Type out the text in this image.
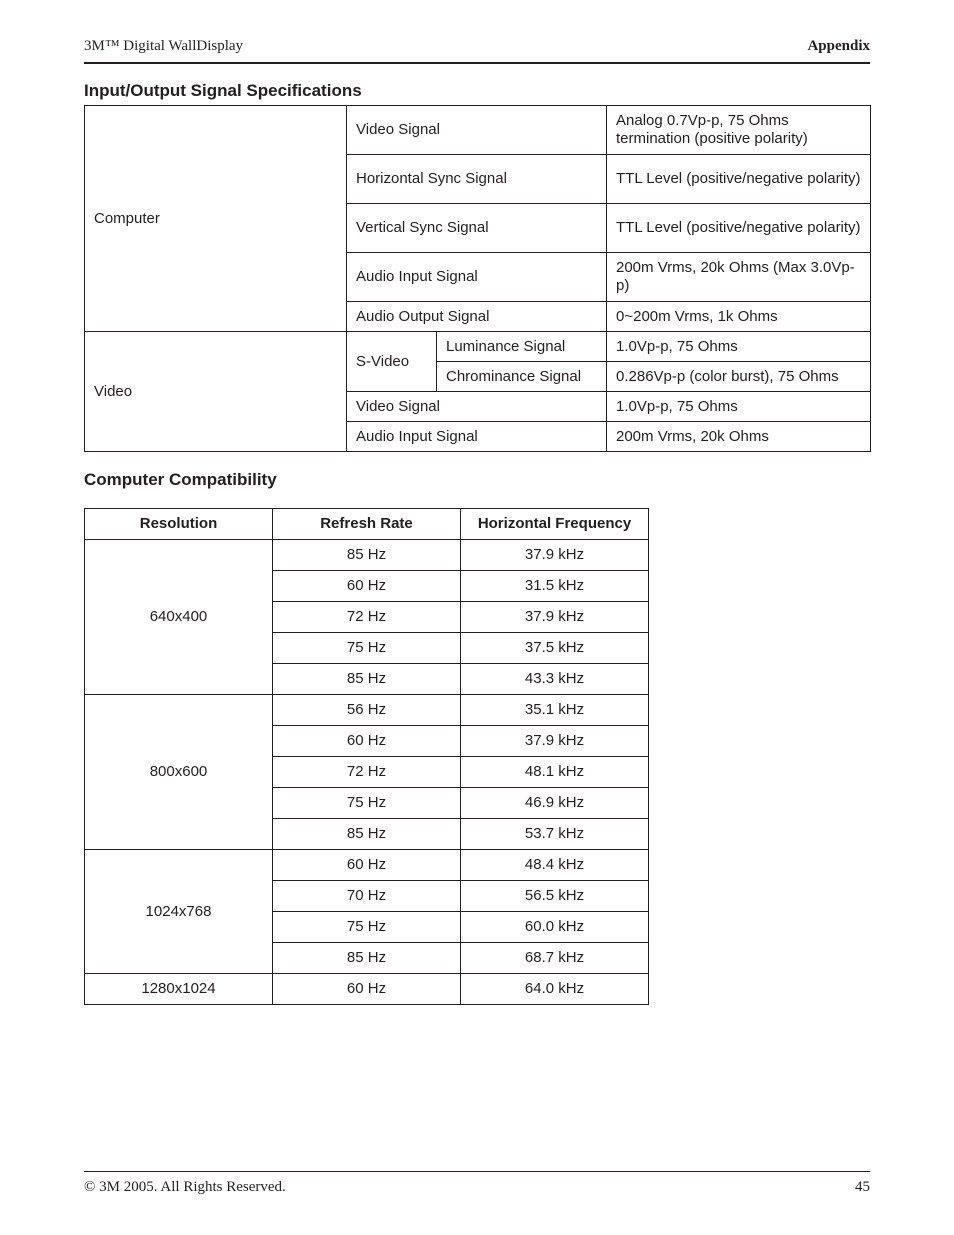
3M™ Digital WallDisplay	Appendix
Input/Output Signal Specifications
Computer	Video Signal		Analog 0.7Vp-p, 75 Ohms termination (positive polarity)
	Horizontal Sync Signal		TTL Level (positive/negative polarity)
	Vertical Sync Signal		TTL Level (positive/negative polarity)
	Audio Input Signal		200m Vrms, 20k Ohms (Max 3.0Vp-p)
	Audio Output Signal		0~200m Vrms, 1k Ohms
Video	S-Video	Luminance Signal	1.0Vp-p, 75 Ohms
		Chrominance Signal	0.286Vp-p (color burst), 75 Ohms
	Video Signal		1.0Vp-p, 75 Ohms
	Audio Input Signal		200m Vrms, 20k Ohms
Computer Compatibility
Resolution	Refresh Rate	Horizontal Frequency
640x400	85 Hz	37.9 kHz
	60 Hz	31.5 kHz
	72 Hz	37.9 kHz
	75 Hz	37.5 kHz
	85 Hz	43.3 kHz
800x600	56 Hz	35.1 kHz
	60 Hz	37.9 kHz
	72 Hz	48.1 kHz
	75 Hz	46.9 kHz
	85 Hz	53.7 kHz
1024x768	60 Hz	48.4 kHz
	70 Hz	56.5 kHz
	75 Hz	60.0 kHz
	85 Hz	68.7 kHz
1280x1024	60 Hz	64.0 kHz
© 3M 2005. All Rights Reserved.	45
